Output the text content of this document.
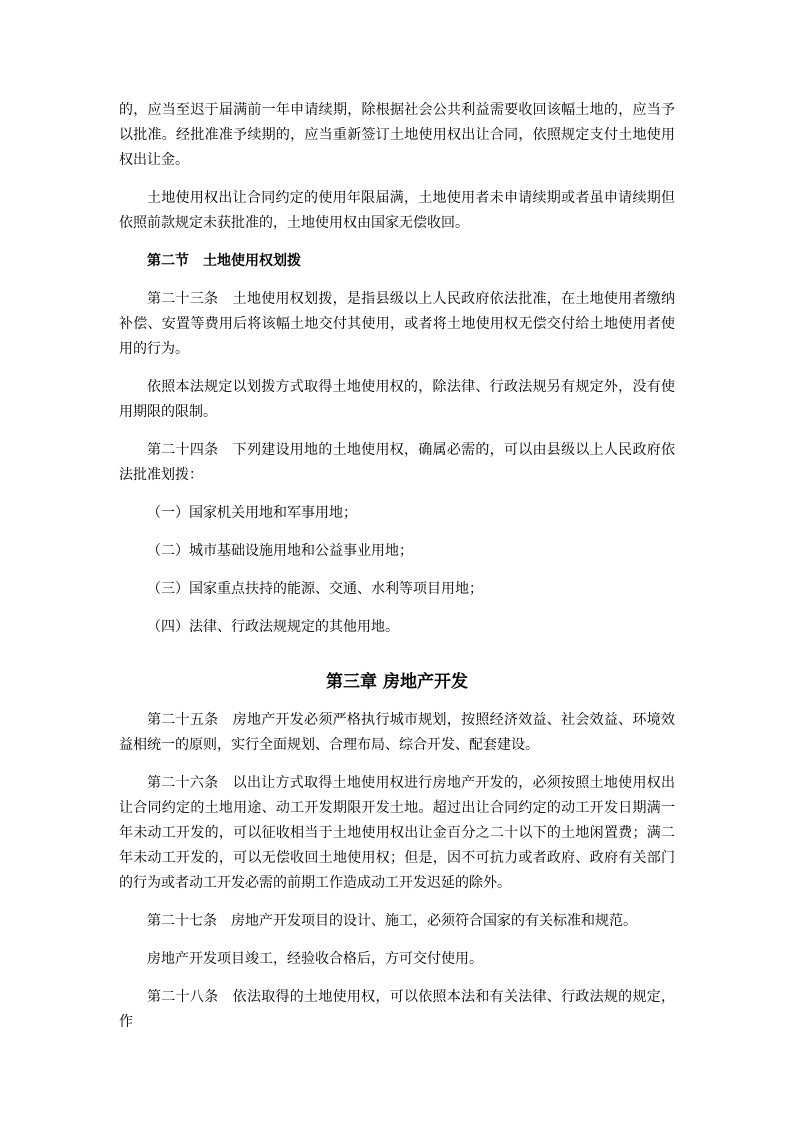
的，应当至迟于届满前一年申请续期，除根据社会公共利益需要收回该幅土地的，应当予以批准。经批准准予续期的，应当重新签订土地使用权出让合同，依照规定支付土地使用权出让金。

土地使用权出让合同约定的使用年限届满，土地使用者未申请续期或者虽申请续期但依照前款规定未获批准的，土地使用权由国家无偿收回。

第二节　土地使用权划拨

第二十三条　土地使用权划拨，是指县级以上人民政府依法批准，在土地使用者缴纳补偿、安置等费用后将该幅土地交付其使用，或者将土地使用权无偿交付给土地使用者使用的行为。

依照本法规定以划拨方式取得土地使用权的，除法律、行政法规另有规定外，没有使用期限的限制。

第二十四条　下列建设用地的土地使用权，确属必需的，可以由县级以上人民政府依法批准划拨：

（一）国家机关用地和军事用地；
（二）城市基础设施用地和公益事业用地；
（三）国家重点扶持的能源、交通、水利等项目用地；
（四）法律、行政法规规定的其他用地。
第三章 房地产开发

第二十五条　房地产开发必须严格执行城市规划，按照经济效益、社会效益、环境效益相统一的原则，实行全面规划、合理布局、综合开发、配套建设。

第二十六条　以出让方式取得土地使用权进行房地产开发的，必须按照土地使用权出让合同约定的土地用途、动工开发期限开发土地。超过出让合同约定的动工开发日期满一年未动工开发的，可以征收相当于土地使用权出让金百分之二十以下的土地闲置费；满二年未动工开发的，可以无偿收回土地使用权；但是，因不可抗力或者政府、政府有关部门的行为或者动工开发必需的前期工作造成动工开发迟延的除外。

第二十七条　房地产开发项目的设计、施工，必须符合国家的有关标准和规范。

房地产开发项目竣工，经验收合格后，方可交付使用。

第二十八条　依法取得的土地使用权，可以依照本法和有关法律、行政法规的规定，作
